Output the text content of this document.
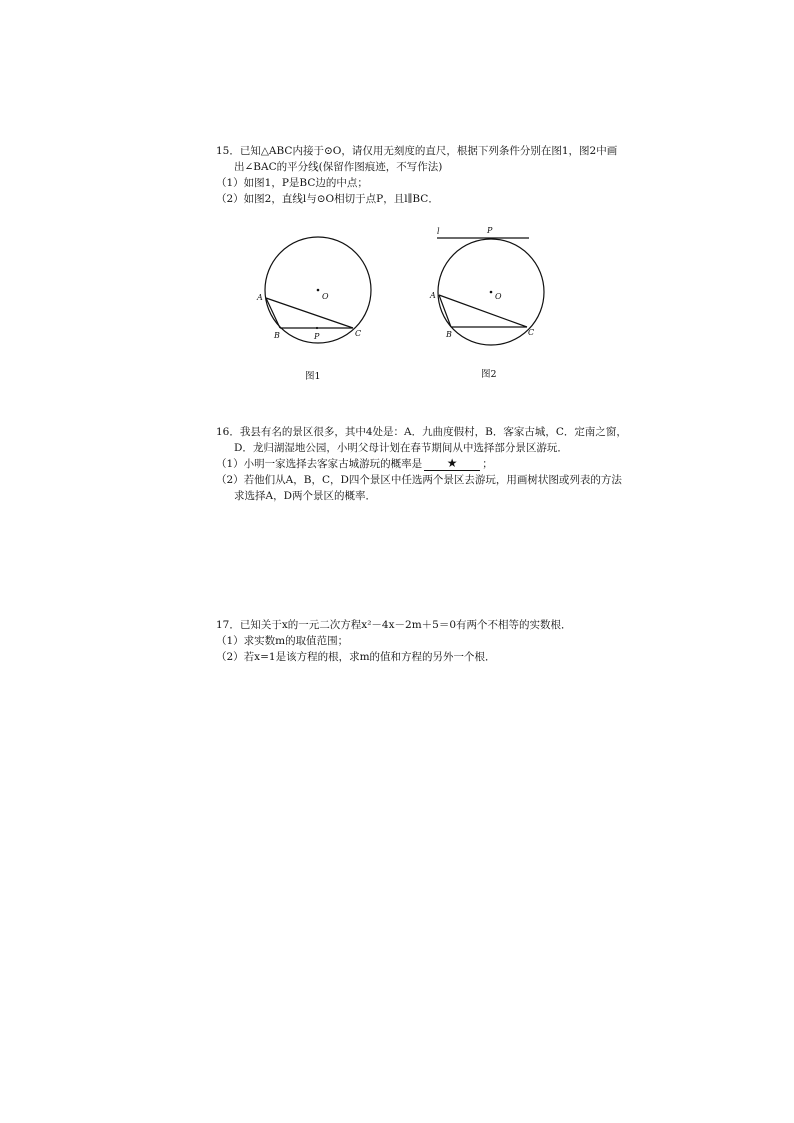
15．已知△ABC内接于⊙O，请仅用无刻度的直尺，根据下列条件分别在图1，图2中画
出∠BAC的平分线(保留作图痕迹，不写作法)
（1）如图1，P是BC边的中点；
（2）如图2，直线l与⊙O相切于点P，且l∥BC．
A
B	C
P
O
图1
l	P
A
B	C
O
图2
16．我县有名的景区很多，其中4处是：A．九曲度假村，B．客家古城，C．定南之窗，
D．龙归湖湿地公园，小明父母计划在春节期间从中选择部分景区游玩．
（1）小明一家选择去客家古城游玩的概率是 ★ ；
（2）若他们从A，B，C，D四个景区中任选两个景区去游玩，用画树状图或列表的方法
求选择A，D两个景区的概率．
17．已知关于x的一元二次方程x²－4x－2m＋5＝0有两个不相等的实数根．
（1）求实数m的取值范围；
（2）若x=1是该方程的根，求m的值和方程的另外一个根．
